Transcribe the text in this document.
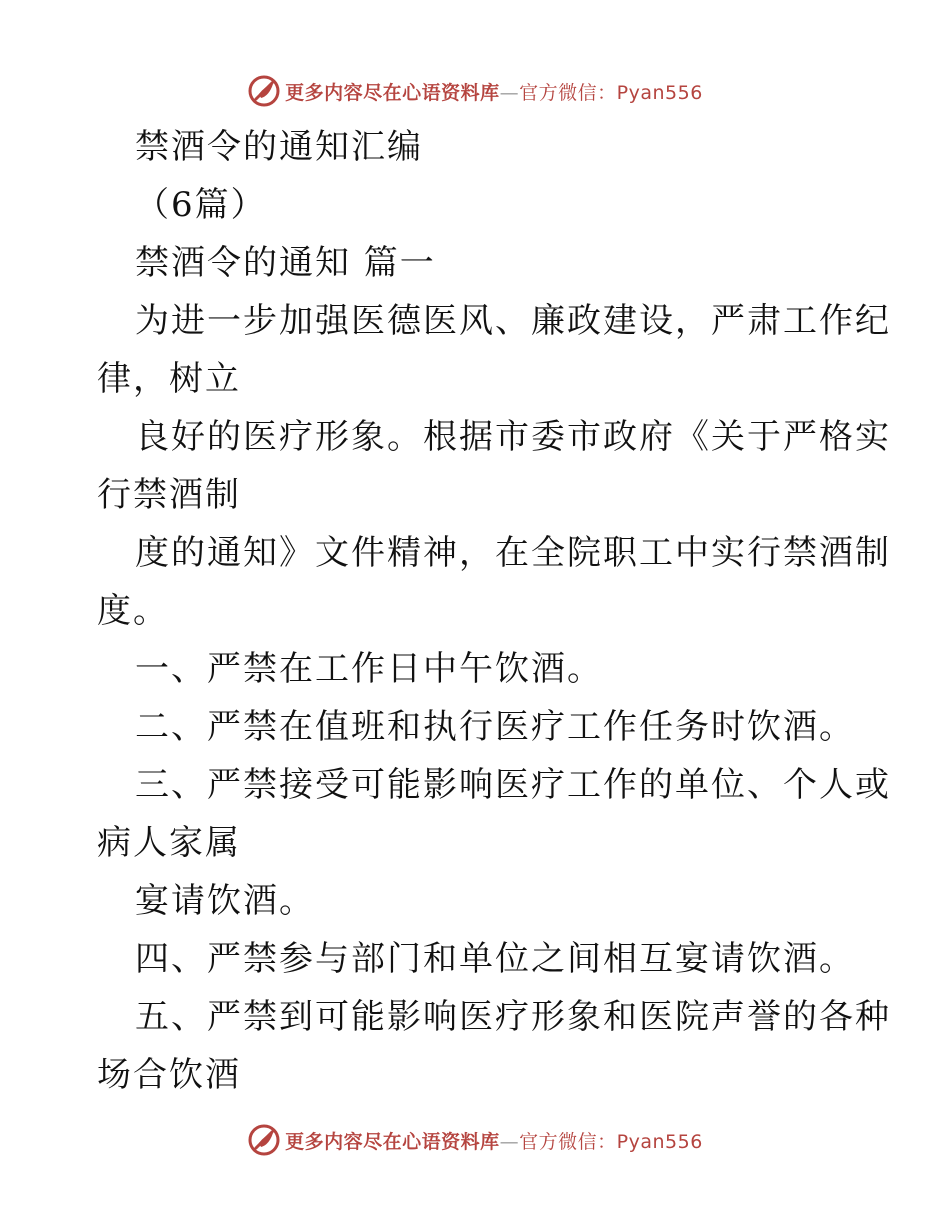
更多内容尽在心语资料库—官方微信：Pyan556
禁酒令的通知汇编
（6篇）
禁酒令的通知 篇一
为进一步加强医德医风、廉政建设，严肃工作纪
律，树立
良好的医疗形象。根据市委市政府《关于严格实
行禁酒制
度的通知》文件精神，在全院职工中实行禁酒制
度。
一、严禁在工作日中午饮酒。
二、严禁在值班和执行医疗工作任务时饮酒。
三、严禁接受可能影响医疗工作的单位、个人或
病人家属
宴请饮酒。
四、严禁参与部门和单位之间相互宴请饮酒。
五、严禁到可能影响医疗形象和医院声誉的各种
场合饮酒
更多内容尽在心语资料库—官方微信：Pyan556
